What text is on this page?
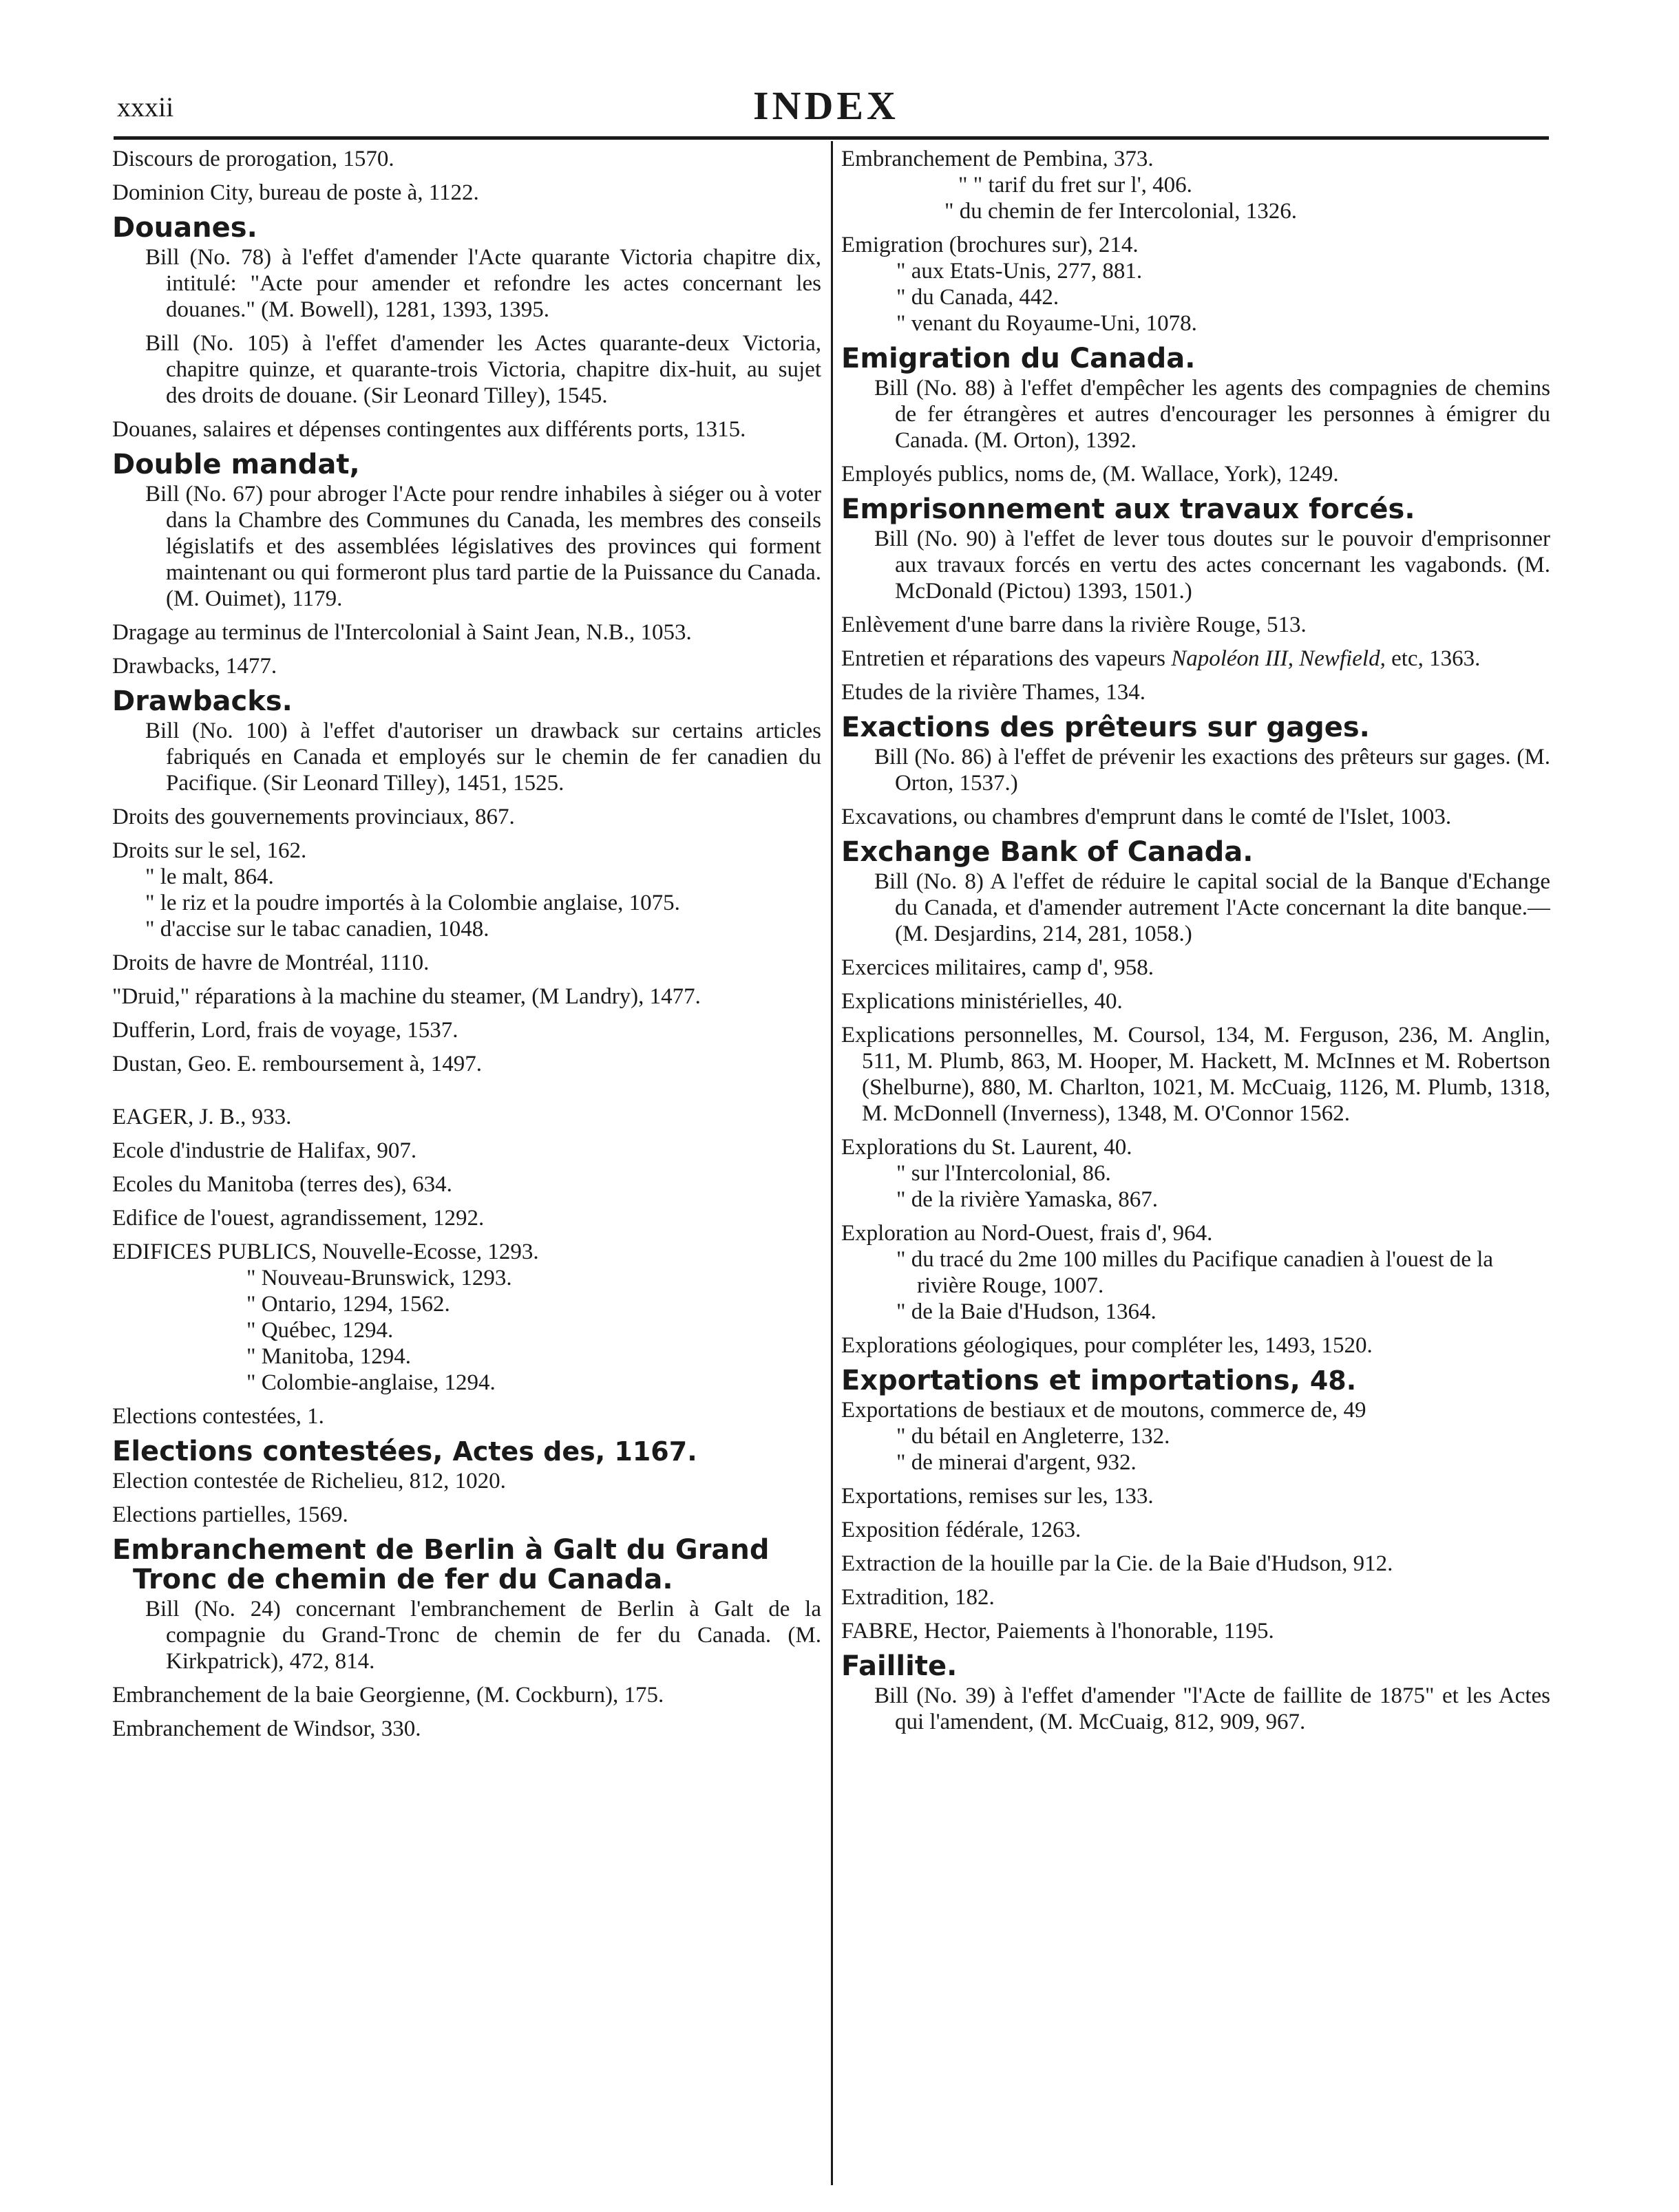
xxxii	INDEX
Discours de prorogation, 1570.
Dominion City, bureau de poste à, 1122.
Douanes.
Bill (No. 78) à l'effet d'amender l'Acte quarante Victoria chapitre dix, intitulé: "Acte pour amender et refondre les actes concernant les douanes." (M. Bowell), 1281, 1393, 1395.
Bill (No. 105) à l'effet d'amender les Actes quarante-deux Victoria, chapitre quinze, et quarante-trois Victoria, chapitre dix-huit, au sujet des droits de douane. (Sir Leonard Tilley), 1545.
Douanes, salaires et dépenses contingentes aux différents ports, 1315.
Double mandat,
Bill (No. 67) pour abroger l'Acte pour rendre inhabiles à siéger ou à voter dans la Chambre des Communes du Canada, les membres des conseils législatifs et des assemblées législatives des provinces qui forment maintenant ou qui formeront plus tard partie de la Puissance du Canada. (M. Ouimet), 1179.
Dragage au terminus de l'Intercolonial à Saint Jean, N.B., 1053.
Drawbacks, 1477.
Drawbacks.
Bill (No. 100) à l'effet d'autoriser un drawback sur certains articles fabriqués en Canada et employés sur le chemin de fer canadien du Pacifique. (Sir Leonard Tilley), 1451, 1525.
Droits des gouvernements provinciaux, 867.
Droits sur le sel, 162.
" le malt, 864.
" le riz et la poudre importés à la Colombie anglaise, 1075.
" d'accise sur le tabac canadien, 1048.
Droits de havre de Montréal, 1110.
"Druid," réparations à la machine du steamer, (M Landry), 1477.
Dufferin, Lord, frais de voyage, 1537.
Dustan, Geo. E. remboursement à, 1497.
EAGER, J. B., 933.
Ecole d'industrie de Halifax, 907.
Ecoles du Manitoba (terres des), 634.
Edifice de l'ouest, agrandissement, 1292.
EDIFICES PUBLICS, Nouvelle-Ecosse, 1293.
" Nouveau-Brunswick, 1293.
" Ontario, 1294, 1562.
" Québec, 1294.
" Manitoba, 1294.
" Colombie-anglaise, 1294.
Elections contestées, 1.
Elections contestées, Actes des, 1167.
Election contestée de Richelieu, 812, 1020.
Elections partielles, 1569.
Embranchement de Berlin à Galt du Grand Tronc de chemin de fer du Canada.
Bill (No. 24) concernant l'embranchement de Berlin à Galt de la compagnie du Grand-Tronc de chemin de fer du Canada. (M. Kirkpatrick), 472, 814.
Embranchement de la baie Georgienne, (M. Cockburn), 175.
Embranchement de Windsor, 330.
Embranchement de Pembina, 373.
" " tarif du fret sur l', 406.
" du chemin de fer Intercolonial, 1326.
Emigration (brochures sur), 214.
" aux Etats-Unis, 277, 881.
" du Canada, 442.
" venant du Royaume-Uni, 1078.
Emigration du Canada.
Bill (No. 88) à l'effet d'empêcher les agents des compagnies de chemins de fer étrangères et autres d'encourager les personnes à émigrer du Canada. (M. Orton), 1392.
Employés publics, noms de, (M. Wallace, York), 1249.
Emprisonnement aux travaux forcés.
Bill (No. 90) à l'effet de lever tous doutes sur le pouvoir d'emprisonner aux travaux forcés en vertu des actes concernant les vagabonds. (M. McDonald (Pictou) 1393, 1501.)
Enlèvement d'une barre dans la rivière Rouge, 513.
Entretien et réparations des vapeurs Napoléon III, Newfield, etc, 1363.
Etudes de la rivière Thames, 134.
Exactions des prêteurs sur gages.
Bill (No. 86) à l'effet de prévenir les exactions des prêteurs sur gages. (M. Orton, 1537.)
Excavations, ou chambres d'emprunt dans le comté de l'Islet, 1003.
Exchange Bank of Canada.
Bill (No. 8) A l'effet de réduire le capital social de la Banque d'Echange du Canada, et d'amender autrement l'Acte concernant la dite banque.—(M. Desjardins, 214, 281, 1058.)
Exercices militaires, camp d', 958.
Explications ministérielles, 40.
Explications personnelles, M. Coursol, 134, M. Ferguson, 236, M. Anglin, 511, M. Plumb, 863, M. Hooper, M. Hackett, M. McInnes et M. Robertson (Shelburne), 880, M. Charlton, 1021, M. McCuaig, 1126, M. Plumb, 1318, M. McDonnell (Inverness), 1348, M. O'Connor 1562.
Explorations du St. Laurent, 40.
" sur l'Intercolonial, 86.
" de la rivière Yamaska, 867.
Exploration au Nord-Ouest, frais d', 964.
" du tracé du 2me 100 milles du Pacifique canadien à l'ouest de la rivière Rouge, 1007.
" de la Baie d'Hudson, 1364.
Explorations géologiques, pour compléter les, 1493, 1520.
Exportations et importations, 48.
Exportations de bestiaux et de moutons, commerce de, 49
" du bétail en Angleterre, 132.
" de minerai d'argent, 932.
Exportations, remises sur les, 133.
Exposition fédérale, 1263.
Extraction de la houille par la Cie. de la Baie d'Hudson, 912.
Extradition, 182.
FABRE, Hector, Paiements à l'honorable, 1195.
Faillite.
Bill (No. 39) à l'effet d'amender "l'Acte de faillite de 1875" et les Actes qui l'amendent, (M. McCuaig, 812, 909, 967.
